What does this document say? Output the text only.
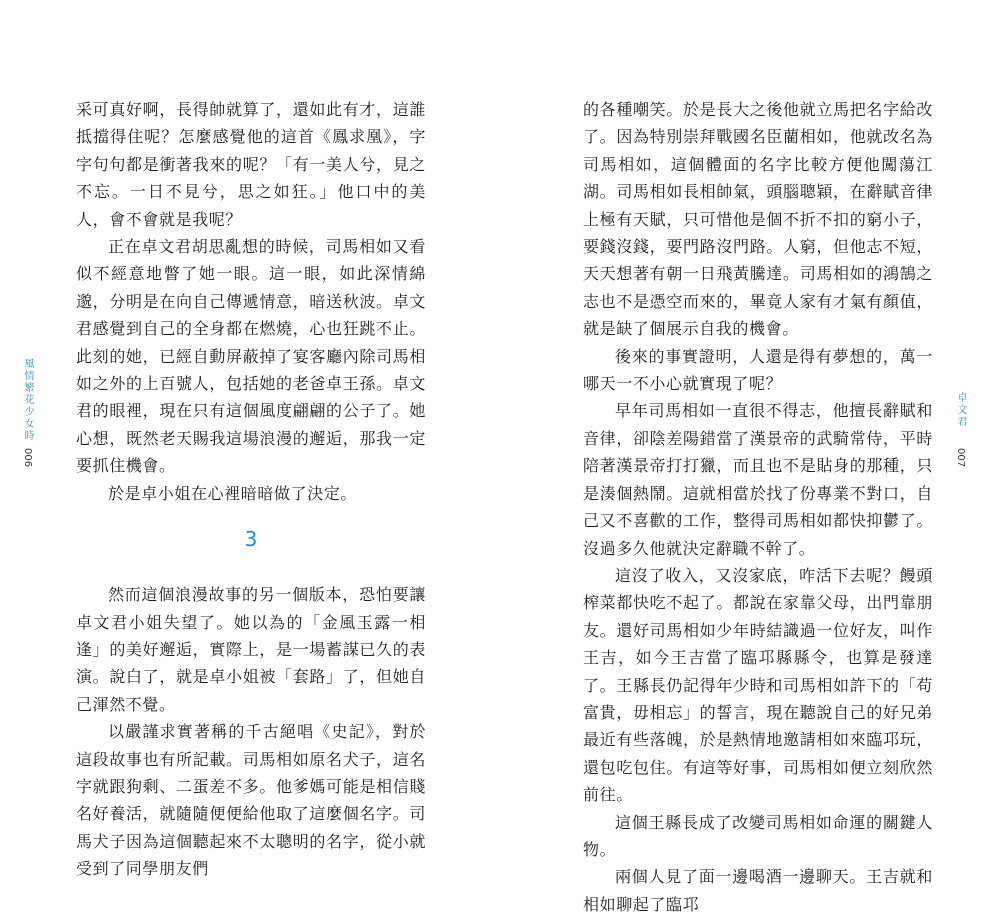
風情繁花少女時
006

采可真好啊，長得帥就算了，還如此有才，這誰抵擋得住呢？怎麼感覺他的這首《鳳求凰》，字字句句都是衝著我來的呢？「有一美人兮，見之不忘。一日不見兮，思之如狂。」他口中的美人，會不會就是我呢？

正在卓文君胡思亂想的時候，司馬相如又看似不經意地瞥了她一眼。這一眼，如此深情綿邈，分明是在向自己傳遞情意，暗送秋波。卓文君感覺到自己的全身都在燃燒，心也狂跳不止。此刻的她，已經自動屏蔽掉了宴客廳內除司馬相如之外的上百號人，包括她的老爸卓王孫。卓文君的眼裡，現在只有這個風度翩翩的公子了。她心想，既然老天賜我這場浪漫的邂逅，那我一定要抓住機會。

於是卓小姐在心裡暗暗做了決定。

3

然而這個浪漫故事的另一個版本，恐怕要讓卓文君小姐失望了。她以為的「金風玉露一相逢」的美好邂逅，實際上，是一場蓄謀已久的表演。說白了，就是卓小姐被「套路」了，但她自己渾然不覺。

以嚴謹求實著稱的千古絕唱《史記》，對於這段故事也有所記載。司馬相如原名犬子，這名字就跟狗剩、二蛋差不多。他爹媽可能是相信賤名好養活，就隨隨便便給他取了這麼個名字。司馬犬子因為這個聽起來不太聰明的名字，從小就受到了同學朋友們

的各種嘲笑。於是長大之後他就立馬把名字給改了。因為特別崇拜戰國名臣藺相如，他就改名為司馬相如，這個體面的名字比較方便他闖蕩江湖。司馬相如長相帥氣，頭腦聰穎，在辭賦音律上極有天賦，只可惜他是個不折不扣的窮小子，要錢沒錢，要門路沒門路。人窮，但他志不短，天天想著有朝一日飛黃騰達。司馬相如的鴻鵠之志也不是憑空而來的，畢竟人家有才氣有顏值，就是缺了個展示自我的機會。

後來的事實證明，人還是得有夢想的，萬一哪天一不小心就實現了呢？

早年司馬相如一直很不得志，他擅長辭賦和音律，卻陰差陽錯當了漢景帝的武騎常侍，平時陪著漢景帝打打獵，而且也不是貼身的那種，只是湊個熱鬧。這就相當於找了份專業不對口，自己又不喜歡的工作，整得司馬相如都快抑鬱了。沒過多久他就決定辭職不幹了。

這沒了收入，又沒家底，咋活下去呢？饅頭榨菜都快吃不起了。都說在家靠父母，出門靠朋友。還好司馬相如少年時結識過一位好友，叫作王吉，如今王吉當了臨邛縣縣令，也算是發達了。王縣長仍記得年少時和司馬相如許下的「苟富貴，毋相忘」的誓言，現在聽說自己的好兄弟最近有些落魄，於是熱情地邀請相如來臨邛玩，還包吃包住。有這等好事，司馬相如便立刻欣然前往。

這個王縣長成了改變司馬相如命運的關鍵人物。

兩個人見了面一邊喝酒一邊聊天。王吉就和相如聊起了臨邛

卓文君
007
